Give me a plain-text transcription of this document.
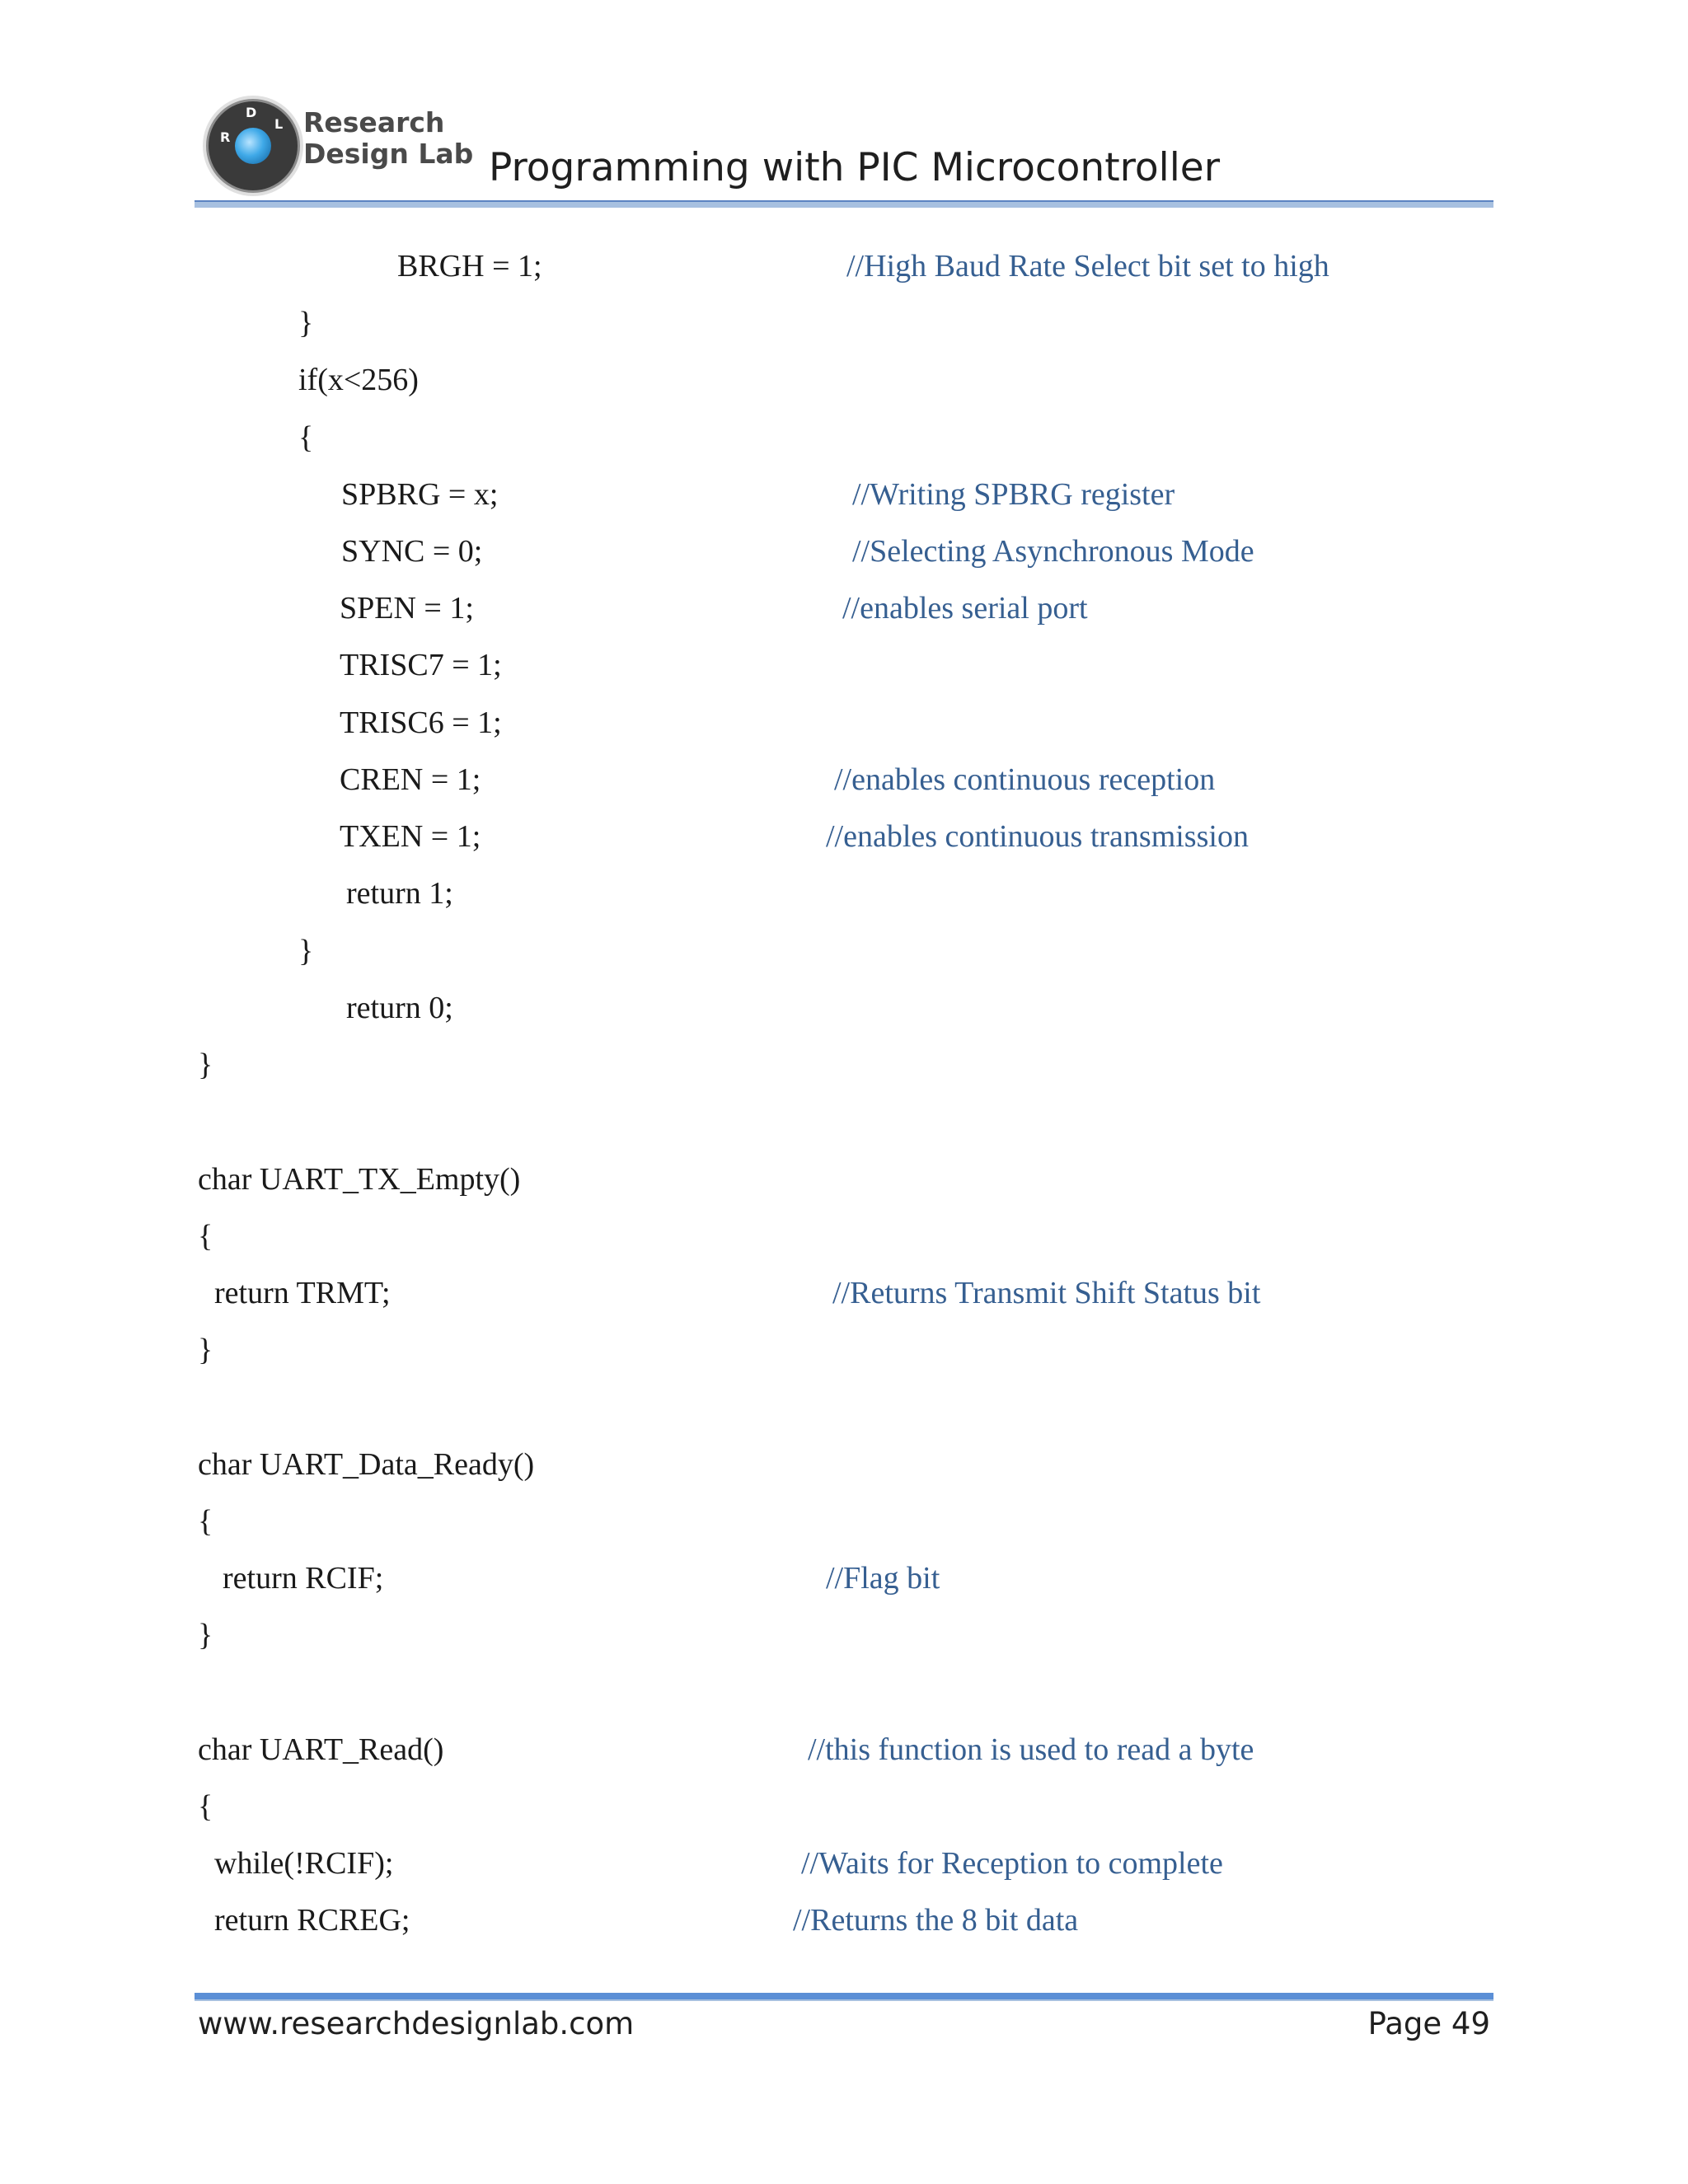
R
D
L Research
Design Lab Programming with PIC Microcontroller
BRGH = 1;	//High Baud Rate Select bit set to high
}
if(x<256)
{
SPBRG = x;	//Writing SPBRG register
SYNC = 0;	//Selecting Asynchronous Mode
SPEN = 1;	//enables serial port
TRISC7 = 1;
TRISC6 = 1;
CREN = 1;	//enables continuous reception
TXEN = 1;	//enables continuous transmission
return 1;
}
return 0;
}
char UART_TX_Empty()
{
return TRMT;	//Returns Transmit Shift Status bit
}
char UART_Data_Ready()
{
return RCIF;	//Flag bit
}
char UART_Read()	//this function is used to read a byte
{
while(!RCIF);	//Waits for Reception to complete
return RCREG;	//Returns the 8 bit data
www.researchdesignlab.com	Page 49
